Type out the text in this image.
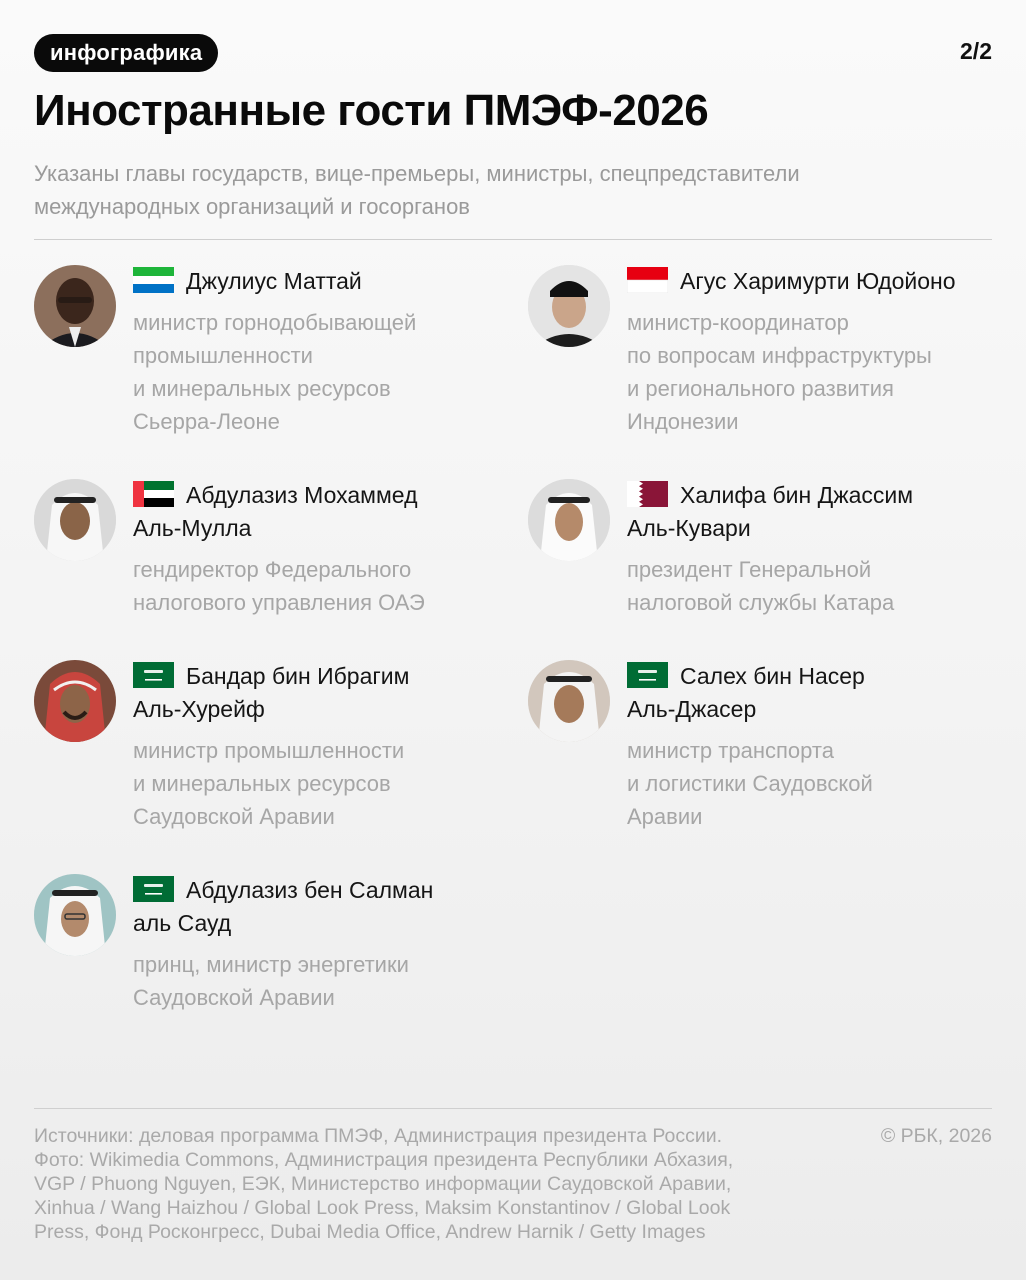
инфографика	2/2
Иностранные гости ПМЭФ-2026
Указаны главы государств, вице-премьеры, министры, спецпредставители международных организаций и госорганов
Джулиус Маттай
министр горнодобывающей
промышленности
и минеральных ресурсов
Сьерра-Леоне
Агус Харимурти Юдойоно
министр-координатор
по вопросам инфраструктуры
и регионального развития
Индонезии
Абдулазиз Мохаммед
Аль-Мулла
гендиректор Федерального
налогового управления ОАЭ
Халифа бин Джассим
Аль-Кувари
президент Генеральной
налоговой службы Катара
Бандар бин Ибрагим
Аль-Хурейф
министр промышленности
и минеральных ресурсов
Саудовской Аравии
Салех бин Насер
Аль-Джасер
министр транспорта
и логистики Саудовской
Аравии
Абдулазиз бен Салман
аль Сауд
принц, министр энергетики
Саудовской Аравии
Источники: деловая программа ПМЭФ, Администрация президента России.
Фото: Wikimedia Commons, Администрация президента Республики Абхазия,
VGP / Phuong Nguyen, ЕЭК, Министерство информации Саудовской Аравии,
Xinhua / Wang Haizhou / Global Look Press, Maksim Konstantinov / Global Look
Press, Фонд Росконгресс, Dubai Media Office, Andrew Harnik / Getty Images
© РБК, 2026
